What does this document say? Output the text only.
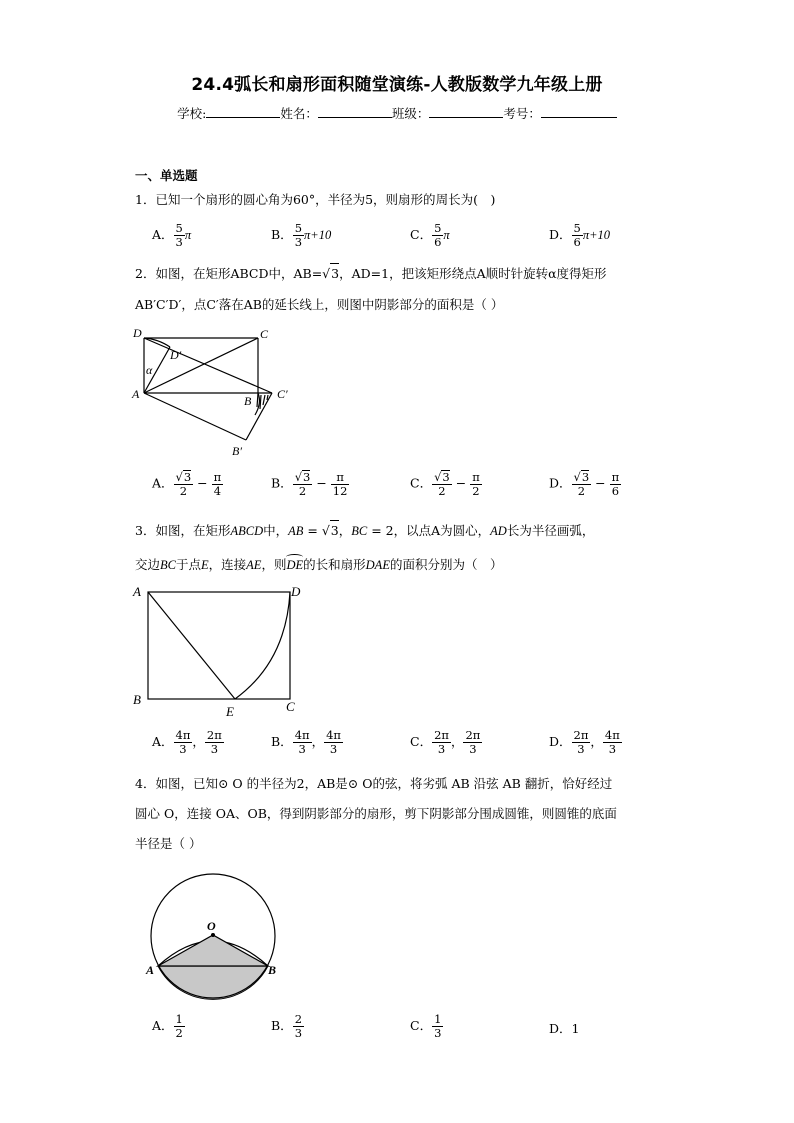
24.4弧长和扇形面积随堂演练-人教版数学九年级上册
学校:	姓名：	班级：	考号：
一、单选题
1．已知一个扇形的圆心角为60°，半径为5，则扇形的周长为(　)
A． $\frac{5}{3}$ π	B． $\frac{5}{3} \pi+10$	C． $\frac{5}{6}$ π	D． $\frac{5}{6} \pi+10$
2．如图，在矩形ABCD中，AB=√3，AD=1，把该矩形绕点A顺时针旋转α度得矩形
AB′C′D′，点C′落在AB的延长线上，则图中阴影部分的面积是（ ）
D	C
D′
α
A	B C′
B′
A． $\frac{√3}{2} - \frac{\pi}{4}$	B． $\frac{√3}{2} - \frac{\pi}{12}$	C． $\frac{√3}{2} - \frac{\pi}{2}$	D． $\frac{√3}{2} - \frac{\pi}{6}$
3．如图，在矩形ABCD中，AB = √3，BC = 2，以点A为圆心，AD长为半径画弧，
交边BC于点E，连接AE，则
DE的长和扇形DAE的面积分别为（　）
A	D
B
E	C
A． $\frac{4\pi}{3}$ ， $\frac{2\pi}{3}$	B． $\frac{4\pi}{3}$ ， $\frac{4\pi}{3}$	C． $\frac{2\pi}{3}$ ， $\frac{2\pi}{3}$	D． $\frac{2\pi}{3}$ ， $\frac{4\pi}{3}$
4．如图，已知⊙ O 的半径为2，AB是⊙ O的弦，将劣弧 AB 沿弦 AB 翻折，恰好经过
圆心 O，连接 OA、OB，得到阴影部分的扇形，剪下阴影部分围成圆锥，则圆锥的底面
半径是（ ）
O
A	B
A． $\frac{1}{2}$	B． $\frac{2}{3}$	C． $\frac{1}{3}$	D．1
